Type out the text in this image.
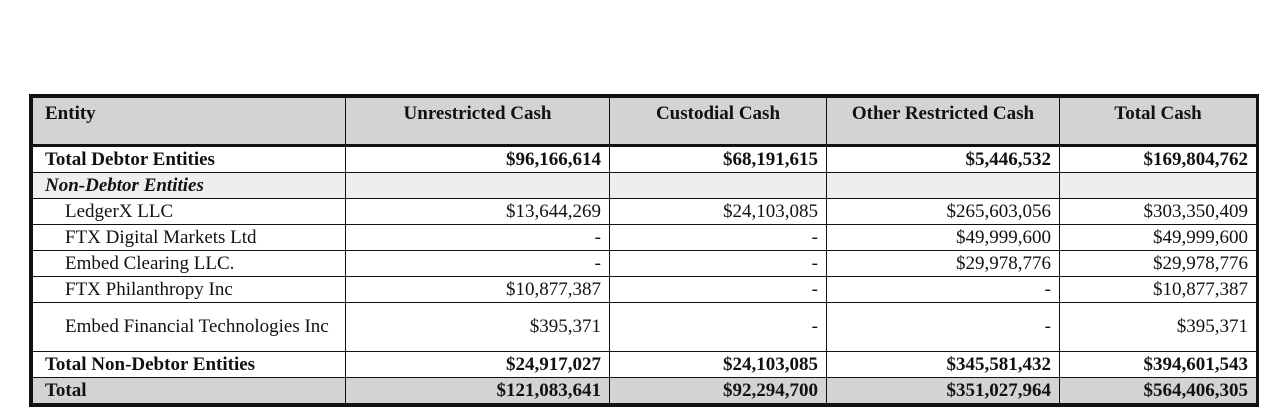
Entity	Unrestricted Cash	Custodial Cash	Other Restricted Cash	Total Cash
Total Debtor Entities	$96,166,614	$68,191,615	$5,446,532	$169,804,762
Non-Debtor Entities				
LedgerX LLC	$13,644,269	$24,103,085	$265,603,056	$303,350,409
FTX Digital Markets Ltd	-	-	$49,999,600	$49,999,600
Embed Clearing LLC.	-	-	$29,978,776	$29,978,776
FTX Philanthropy Inc	$10,877,387	-	-	$10,877,387
Embed Financial Technologies Inc	$395,371	-	-	$395,371
Total Non-Debtor Entities	$24,917,027	$24,103,085	$345,581,432	$394,601,543
Total	$121,083,641	$92,294,700	$351,027,964	$564,406,305
